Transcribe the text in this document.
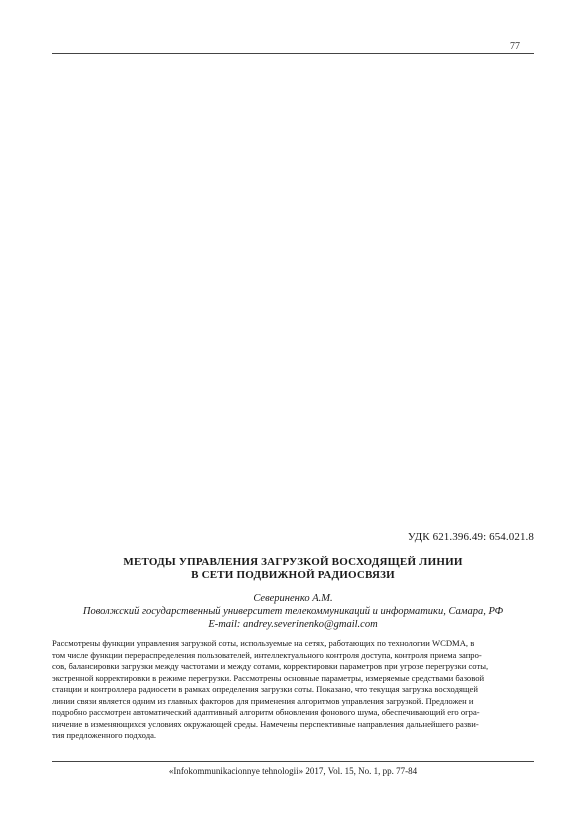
77
УДК 621.396.49: 654.021.8
МЕТОДЫ УПРАВЛЕНИЯ ЗАГРУЗКОЙ ВОСХОДЯЩЕЙ ЛИНИИ
В СЕТИ ПОДВИЖНОЙ РАДИОСВЯЗИ
Севериненко А.М.
Поволжский государственный университет телекоммуникаций и информатики, Самара, РФ
E-mail: andrey.severinenko@gmail.com

Рассмотрены функции управления загрузкой соты, используемые на сетях, работающих по технологии WCDMA, в

том числе функции перераспределения пользователей, интеллектуального контроля доступа, контроля приема запро-

сов, балансировки загрузки между частотами и между сотами, корректировки параметров при угрозе перегрузки соты,

экстренной корректировки в режиме перегрузки. Рассмотрены основные параметры, измеряемые средствами базовой

станции и контроллера радиосети в рамках определения загрузки соты. Показано, что текущая загрузка восходящей

линии связи является одним из главных факторов для применения алгоритмов управления загрузкой. Предложен и

подробно рассмотрен автоматический адаптивный алгоритм обновления фонового шума, обеспечивающий его огра-

ничение в изменяющихся условиях окружающей среды. Намечены перспективные направления дальнейшего разви-

тия предложенного подхода.

«Infokommunikacionnye tehnologii» 2017, Vol. 15, No. 1, pp. 77-84
